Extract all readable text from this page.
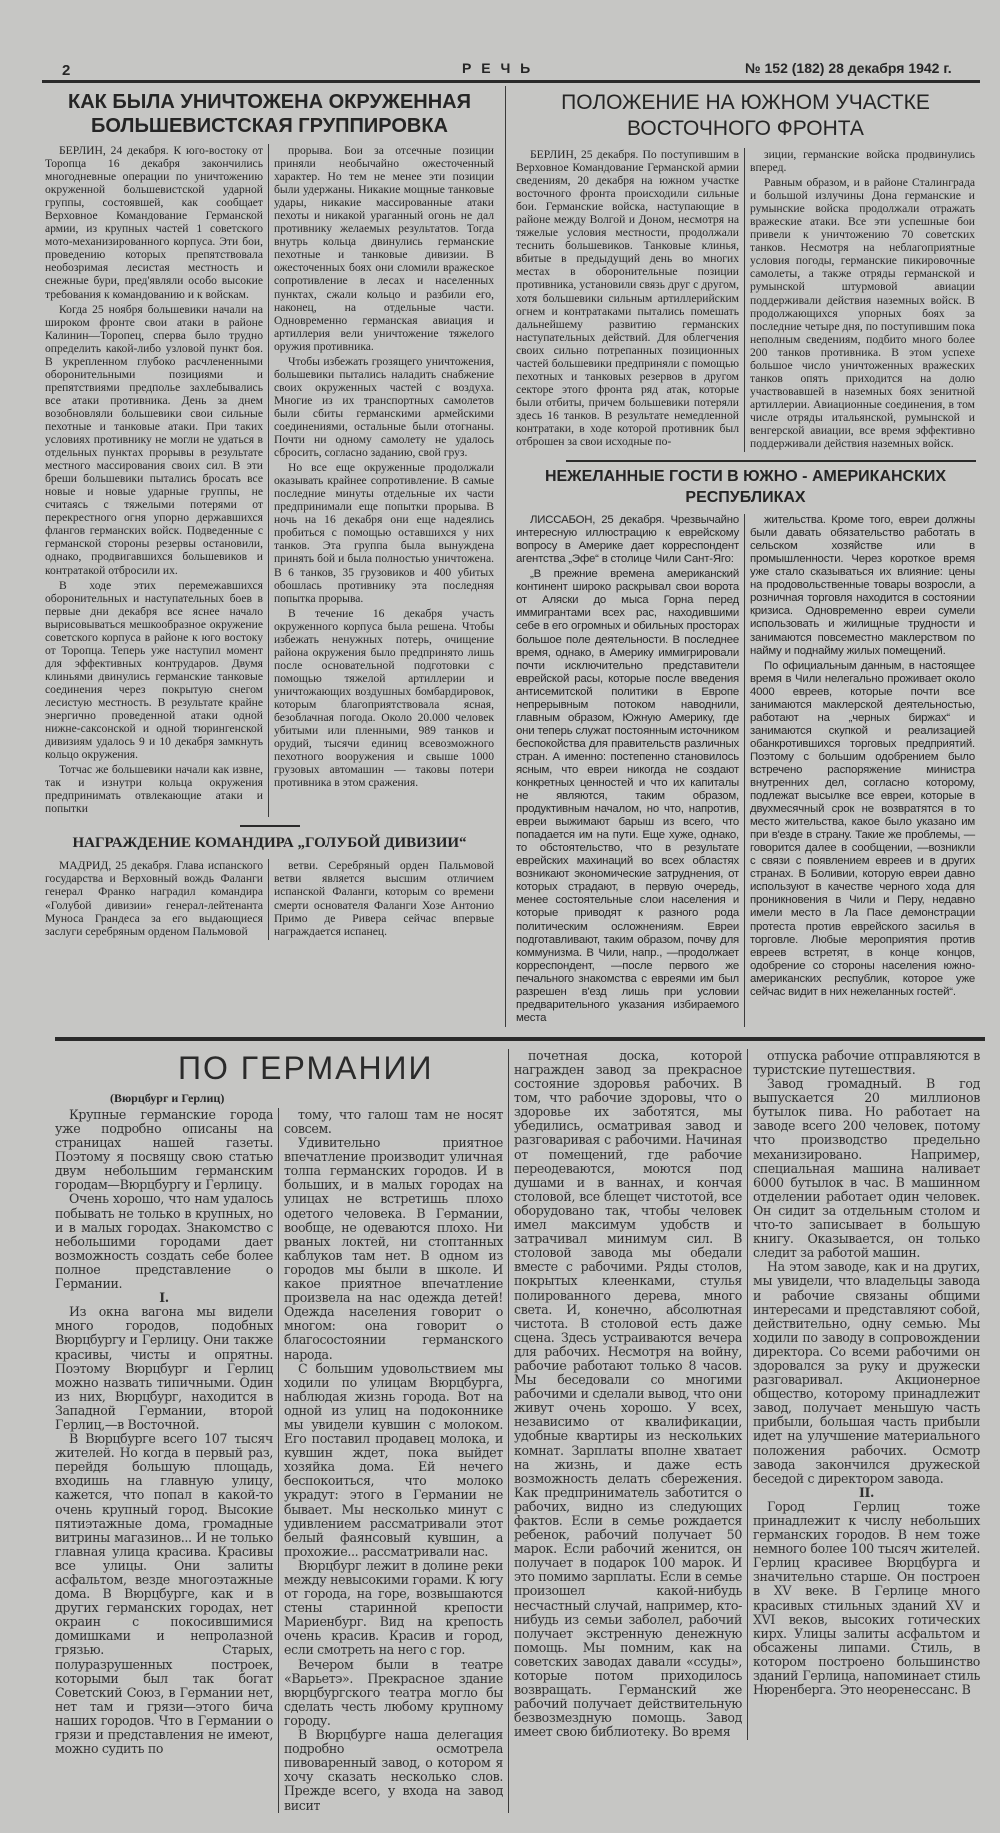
2	Р Е Ч Ь	№ 152 (182) 28 декабря 1942 г.
КАК БЫЛА УНИЧТОЖЕНА ОКРУЖЕННАЯ
БОЛЬШЕВИСТСКАЯ ГРУППИРОВКА

БЕРЛИН, 24 декабря. К юго-востоку от Торопца 16 декабря закончились многодневные операции по уничтожению окруженной большевистской ударной группы, состоявшей, как сообщает Верховное Командование Германской армии, из крупных частей 1 советского мото-механизированного корпуса. Эти бои, проведению которых препятствовала необозримая лесистая местность и снежные бури, пред'являли особо высокие требования к командованию и к войскам.

Когда 25 ноября большевики начали на широком фронте свои атаки в районе Калинин—Торопец, сперва было трудно определить какой-либо узловой пункт боя. В укрепленном глубоко расчлененными оборонительными позициями и препятствиями предполье захлебывались все атаки противника. День за днем возобновляли большевики свои сильные пехотные и танковые атаки. При таких условиях противнику не могли не удаться в отдельных пунктах прорывы в результате местного массирования своих сил. В эти бреши большевики пытались бросать все новые и новые ударные группы, не считаясь с тяжелыми потерями от перекрестного огня упорно державшихся флангов германских войск. Подведенные с германской стороны резервы остановили, однако, продвигавшихся большевиков и контратакой отбросили их.

В ходе этих перемежавшихся оборонительных и наступательных боев в первые дни декабря все яснее начало вырисовываться мешкообразное окружение советского корпуса в районе к юго востоку от Торопца. Теперь уже наступил момент для эффективных контрударов. Двумя клиньями двинулись германские танковые соединения через покрытую снегом лесистую местность. В результате крайне энергично проведенной атаки одной нижне-саксонской и одной тюрингенской дивизиям удалось 9 и 10 декабря замкнуть кольцо окружения.

Тотчас же большевики начали как извне, так и изнутри кольца окружения предпринимать отвлекающие атаки и попытки

прорыва. Бои за отсечные позиции приняли необычайно ожесточенный характер. Но тем не менее эти позиции были удержаны. Никакие мощные танковые удары, никакие массированные атаки пехоты и никакой ураганный огонь не дал противнику желаемых результатов. Тогда внутрь кольца двинулись германские пехотные и танковые дивизии. В ожесточенных боях они сломили вражеское сопротивление в лесах и населенных пунктах, сжали кольцо и разбили его, наконец, на отдельные части. Одновременно германская авиация и артиллерия вели уничтожение тяжелого оружия противника.

Чтобы избежать грозящего уничтожения, большевики пытались наладить снабжение своих окруженных частей с воздуха. Многие из их транспортных самолетов были сбиты германскими армейскими соединениями, остальные были отогнаны. Почти ни одному самолету не удалось сбросить, согласно заданию, свой груз.

Но все еще окруженные продолжали оказывать крайнее сопротивление. В самые последние минуты отдельные их части предпринимали еще попытки прорыва. В ночь на 16 декабря они еще надеялись пробиться с помощью оставшихся у них танков. Эта группа была вынуждена принять бой и была полностью уничтожена. В 6 танков, 35 грузовиков и 400 убитых обошлась противнику эта последняя попытка прорыва.

В течение 16 декабря участь окруженного корпуса была решена. Чтобы избежать ненужных потерь, очищение района окружения было предпринято лишь после основательной подготовки с помощью тяжелой артиллерии и уничтожающих воздушных бомбардировок, которым благоприятствовала ясная, безоблачная погода. Около 20.000 человек убитыми или пленными, 989 танков и орудий, тысячи единиц всевозможного пехотного вооружения и свыше 1000 грузовых автомашин — таковы потери противника в этом сражения.

НАГРАЖДЕНИЕ КОМАНДИРА „ГОЛУБОЙ ДИВИЗИИ“

МАДРИД, 25 декабря. Глава испанского государства и Верховный вождь Фаланги генерал Франко наградил командира «Голубой дивизии» генерал-лейтенанта Муноса Грандеса за его выдающиеся заслуги серебряным орденом Пальмовой

ветви. Серебряный орден Пальмовой ветви является высшим отличием испанской Фаланги, которым со времени смерти основателя Фаланги Хозе Антонио Примо де Ривера сейчас впервые награждается испанец.

ПОЛОЖЕНИЕ НА ЮЖНОМ УЧАСТКЕ
ВОСТОЧНОГО ФРОНТА

БЕРЛИН, 25 декабря. По поступившим в Верховное Командование Германской армии сведениям, 20 декабря на южном участке восточного фронта происходили сильные бои. Германские войска, наступающие в районе между Волгой и Доном, несмотря на тяжелые условия местности, продолжали теснить большевиков. Танковые клинья, вбитые в предыдущий день во многих местах в оборонительные позиции противника, установили связь друг с другом, хотя большевики сильным артиллерийским огнем и контратаками пытались помешать дальнейшему развитию германских наступательных действий. Для облегчения своих сильно потрепанных позиционных частей большевики предприняли с помощью пехотных и танковых резервов в другом секторе этого фронта ряд атак, которые были отбиты, причем большевики потеряли здесь 16 танков. В результате немедленной контратаки, в ходе которой противник был отброшен за свои исходные по-

зиции, германские войска продвинулись вперед.

Равным образом, и в районе Сталинграда и большой излучины Дона германские и румынские войска продолжали отражать вражеские атаки. Все эти успешные бои привели к уничтожению 70 советских танков. Несмотря на неблагоприятные условия погоды, германские пикировочные самолеты, а также отряды германской и румынской штурмовой авиации поддерживали действия наземных войск. В продолжающихся упорных боях за последние четыре дня, по поступившим пока неполным сведениям, подбито много более 200 танков противника. В этом успехе большое число уничтоженных вражеских танков опять приходится на долю участвовавшей в наземных боях зенитной артиллерии. Авиационные соединения, в том числе отряды итальянской, румынской и венгерской авиации, все время эффективно поддерживали действия наземных войск.

НЕЖЕЛАННЫЕ ГОСТИ В ЮЖНО - АМЕРИКАНСКИХ
РЕСПУБЛИКАХ

ЛИССАБОН, 25 декабря. Чрезвычайно интересную иллюстрацию к еврейскому вопросу в Америке дает корреспондент агентства „Эфе“ в столице Чили Сант-Яго:

„В прежние времена американский континент широко раскрывал свои ворота от Аляски до мыса Горна перед иммигрантами всех рас, находившими себе в его огромных и обильных просторах большое поле деятельности. В последнее время, однако, в Америку иммигрировали почти исключительно представители еврейской расы, которые после введения антисемитской политики в Европе непрерывным потоком наводнили, главным образом, Южную Америку, где они теперь служат постоянным источником беспокойства для правительств различных стран. А именно: постепенно становилось ясным, что евреи никогда не создают конкретных ценностей и что их капиталы не являются, таким образом, продуктивным началом, но что, напротив, евреи выжимают барыш из всего, что попадается им на пути. Еще хуже, однако, то обстоятельство, что в результате еврейских махинаций во всех областях возникают экономические затруднения, от которых страдают, в первую очередь, менее состоятельные слои населения и которые приводят к разного рода политическим осложнениям. Евреи подготавливают, таким образом, почву для коммунизма. В Чили, напр., —продолжает корреспондент, —после первого же печального знакомства с евреями им был разрешен в'езд лишь при условии предварительного указания избираемого места

жительства. Кроме того, евреи должны были давать обязательство работать в сельском хозяйстве или в промышленности. Через короткое время уже стало сказываться их влияние: цены на продовольственные товары возросли, а розничная торговля находится в состоянии кризиса. Одновременно евреи сумели использовать и жилищные трудности и занимаются повсеместно маклерством по найму и поднайму жилых помещений.

По официальным данным, в настоящее время в Чили нелегально проживает около 4000 евреев, которые почти все занимаются маклерской деятельностью, работают на „черных биржах“ и занимаются скупкой и реализацией обанкротившихся торговых предприятий. Поэтому с большим одобрением было встречено распоряжение министра внутренних дел, согласно которому, подлежат высылке все евреи, которые в двухмесячный срок не возвратятся в то место жительства, какое было указано им при в'езде в страну. Такие же проблемы, —говорится далее в сообщении, —возникли с связи с появлением евреев и в других странах. В Боливии, которую евреи давно используют в качестве черного хода для проникновения в Чили и Перу, недавно имели место в Ла Пасе демонстрации протеста против еврейского засилья в торговле. Любые мероприятия против евреев встретят, в конце концов, одобрение со стороны населения южно-американских республик, которое уже сейчас видит в них нежеланных гостей“.

ПО ГЕРМАНИИ
(Вюрцбург и Герлиц)

Крупные германские города уже подробно описаны на страницах нашей газеты. Поэтому я посвящу свою статью двум небольшим германским городам—Вюрцбургу и Герлицу.

Очень хорошо, что нам удалось побывать не только в крупных, но и в малых городах. Знакомство с небольшими городами дает возможность создать себе более полное представление о Германии.

I.

Из окна вагона мы видели много городов, подобных Вюрцбургу и Герлицу. Они также красивы, чисты и опрятны. Поэтому Вюрцбург и Герлиц можно назвать типичными. Один из них, Вюрцбург, находится в Западной Германии, второй Герлиц,—в Восточной.

В Вюрцбурге всего 107 тысяч жителей. Но когда в первый раз, перейдя большую площадь, входишь на главную улицу, кажется, что попал в какой-то очень крупный город. Высокие пятиэтажные дома, громадные витрины магазинов... И не только главная улица красива. Красивы все улицы. Они залиты асфальтом, везде многоэтажные дома. В Вюрцбурге, как и в других германских городах, нет окраин с покосившимися домишками и непролазной грязью. Старых, полуразрушенных построек, которыми был так богат Советский Союз, в Германии нет, нет там и грязи—этого бича наших городов. Что в Германии о грязи и представления не имеют, можно судить по

тому, что галош там не носят совсем.

Удивительно приятное впечатление производит уличная толпа германских городов. И в больших, и в малых городах на улицах не встретишь плохо одетого человека. В Германии, вообще, не одеваются плохо. Ни рваных локтей, ни стоптанных каблуков там нет. В одном из городов мы были в школе. И какое приятное впечатление произвела на нас одежда детей! Одежда населения говорит о многом: она говорит о благосостоянии германского народа.

С большим удовольствием мы ходили по улицам Вюрцбурга, наблюдая жизнь города. Вот на одной из улиц на подоконнике мы увидели кувшин с молоком. Его поставил продавец молока, и кувшин ждет, пока выйдет хозяйка дома. Ей нечего беспокоиться, что молоко украдут: этого в Германии не бывает. Мы несколько минут с удивлением рассматривали этот белый фаянсовый кувшин, а прохожие... рассматривали нас.

Вюрцбург лежит в долине реки между невысокими горами. К югу от города, на горе, возвышаются стены старинной крепости Мариенбург. Вид на крепость очень красив. Красив и город, если смотреть на него с гор.

Вечером были в театре «Варьетэ». Прекрасное здание вюрцбургского театра могло бы сделать честь любому крупному городу.

В Вюрцбурге наша делегация подробно осмотрела пивоваренный завод, о котором я хочу сказать несколько слов. Прежде всего, у входа на завод висит

почетная доска, которой награжден завод за прекрасное состояние здоровья рабочих. В том, что рабочие здоровы, что о здоровье их заботятся, мы убедились, осматривая завод и разговаривая с рабочими. Начиная от помещений, где рабочие переодеваются, моются под душами и в ваннах, и кончая столовой, все блещет чистотой, все оборудовано так, чтобы человек имел максимум удобств и затрачивал минимум сил. В столовой завода мы обедали вместе с рабочими. Ряды столов, покрытых клеенками, стулья полированного дерева, много света. И, конечно, абсолютная чистота. В столовой есть даже сцена. Здесь устраиваются вечера для рабочих. Несмотря на войну, рабочие работают только 8 часов. Мы беседовали со многими рабочими и сделали вывод, что они живут очень хорошо. У всех, независимо от квалификации, удобные квартиры из нескольких комнат. Зарплаты вполне хватает на жизнь, и даже есть возможность делать сбережения. Как предприниматель заботится о рабочих, видно из следующих фактов. Если в семье рождается ребенок, рабочий получает 50 марок. Если рабочий женится, он получает в подарок 100 марок. И это помимо зарплаты. Если в семье произошел какой-нибудь несчастный случай, например, кто-нибудь из семьи заболел, рабочий получает экстренную денежную помощь. Мы помним, как на советских заводах давали «ссуды», которые потом приходилось возвращать. Германский же рабочий получает действительную безвозмездную помощь. Завод имеет свою библиотеку. Во время

отпуска рабочие отправляются в туристские путешествия.

Завод громадный. В год выпускается 20 миллионов бутылок пива. Но работает на заводе всего 200 человек, потому что производство предельно механизировано. Например, специальная машина наливает 6000 бутылок в час. В машинном отделении работает один человек. Он сидит за отдельным столом и что-то записывает в большую книгу. Оказывается, он только следит за работой машин.

На этом заводе, как и на других, мы увидели, что владельцы завода и рабочие связаны общими интересами и представляют собой, действительно, одну семью. Мы ходили по заводу в сопровождении директора. Со всеми рабочими он здоровался за руку и дружески разговаривал. Акционерное общество, которому принадлежит завод, получает меньшую часть прибыли, большая часть прибыли идет на улучшение материального положения рабочих. Осмотр завода закончился дружеской беседой с директором завода.

II.

Город Герлиц тоже принадлежит к числу небольших германских городов. В нем тоже немного более 100 тысяч жителей. Герлиц красивее Вюрцбурга и значительно старше. Он построен в XV веке. В Герлице много красивых стильных зданий XV и XVI веков, высоких готических кирх. Улицы залиты асфальтом и обсажены липами. Стиль, в котором построено большинство зданий Герлица, напоминает стиль Нюренберга. Это неоренессанс. В
